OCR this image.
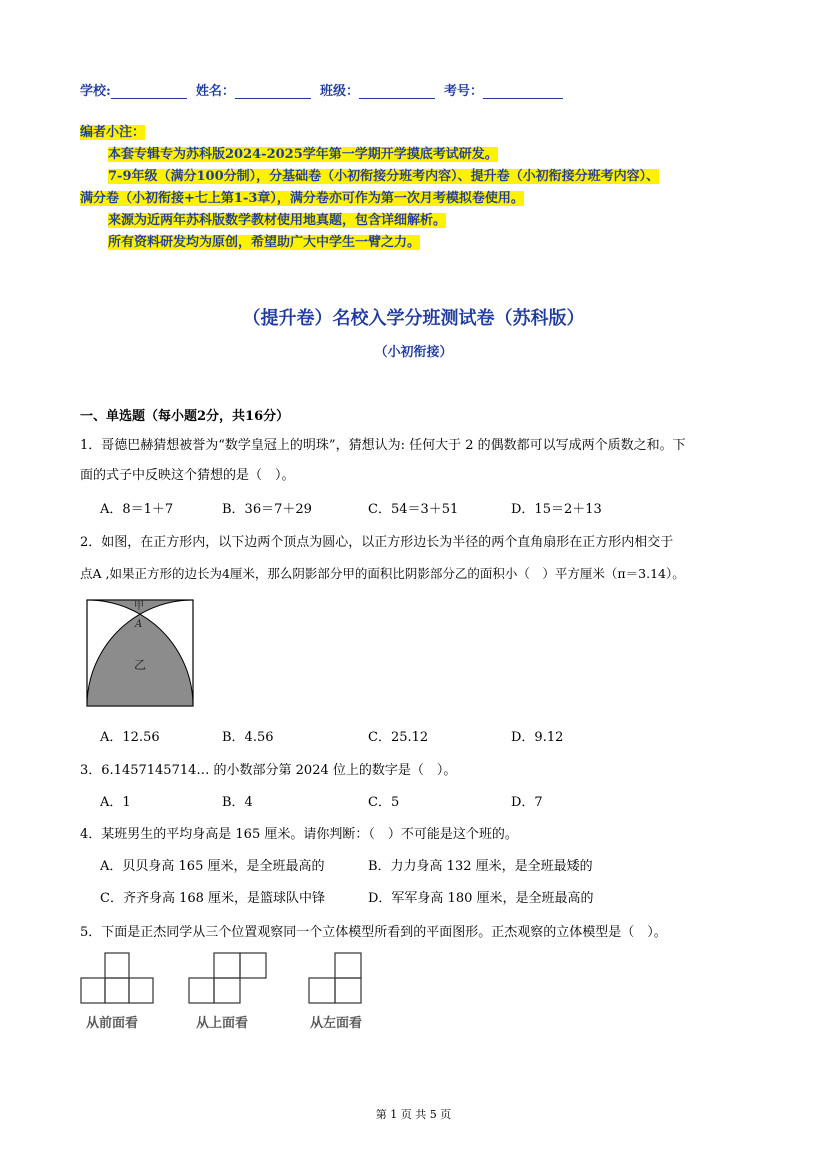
学校:	姓名：	班级：	考号：
编者小注：
本套专辑专为苏科版2024-2025学年第一学期开学摸底考试研发。
7-9年级（满分100分制），分基础卷（小初衔接分班考内容）、提升卷（小初衔接分班考内容）、
满分卷（小初衔接+七上第1-3章），满分卷亦可作为第一次月考模拟卷使用。
来源为近两年苏科版数学教材使用地真题，包含详细解析。
所有资料研发均为原创，希望助广大中学生一臂之力。
（提升卷）名校入学分班测试卷（苏科版）
（小初衔接）
一、单选题（每小题2分，共16分）
1．哥德巴赫猜想被誉为“数学皇冠上的明珠”，猜想认为: 任何大于 2 的偶数都可以写成两个质数之和。下
面的式子中反映这个猜想的是（　）。
A．8＝1＋7	B．36＝7＋29	C．54＝3＋51	D．15＝2＋13
2．如图，在正方形内，以下边两个顶点为圆心，以正方形边长为半径的两个直角扇形在正方形内相交于
点A ,如果正方形的边长为4厘米，那么阴影部分甲的面积比阴影部分乙的面积小（　）平方厘米（π＝3.14）。
甲
A
乙
A．12.56	B．4.56	C．25.12	D．9.12
3．6.1457145714… 的小数部分第 2024 位上的数字是（　）。
A．1	B．4	C．5	D．7
4．某班男生的平均身高是 165 厘米。请你判断：（　）不可能是这个班的。
A．贝贝身高 165 厘米，是全班最高的	B．力力身高 132 厘米，是全班最矮的
C．齐齐身高 168 厘米，是篮球队中锋	D．军军身高 180 厘米，是全班最高的
5．下面是正杰同学从三个位置观察同一个立体模型所看到的平面图形。正杰观察的立体模型是（　）。
从前面看	从上面看	从左面看
第 1 页 共 5 页
